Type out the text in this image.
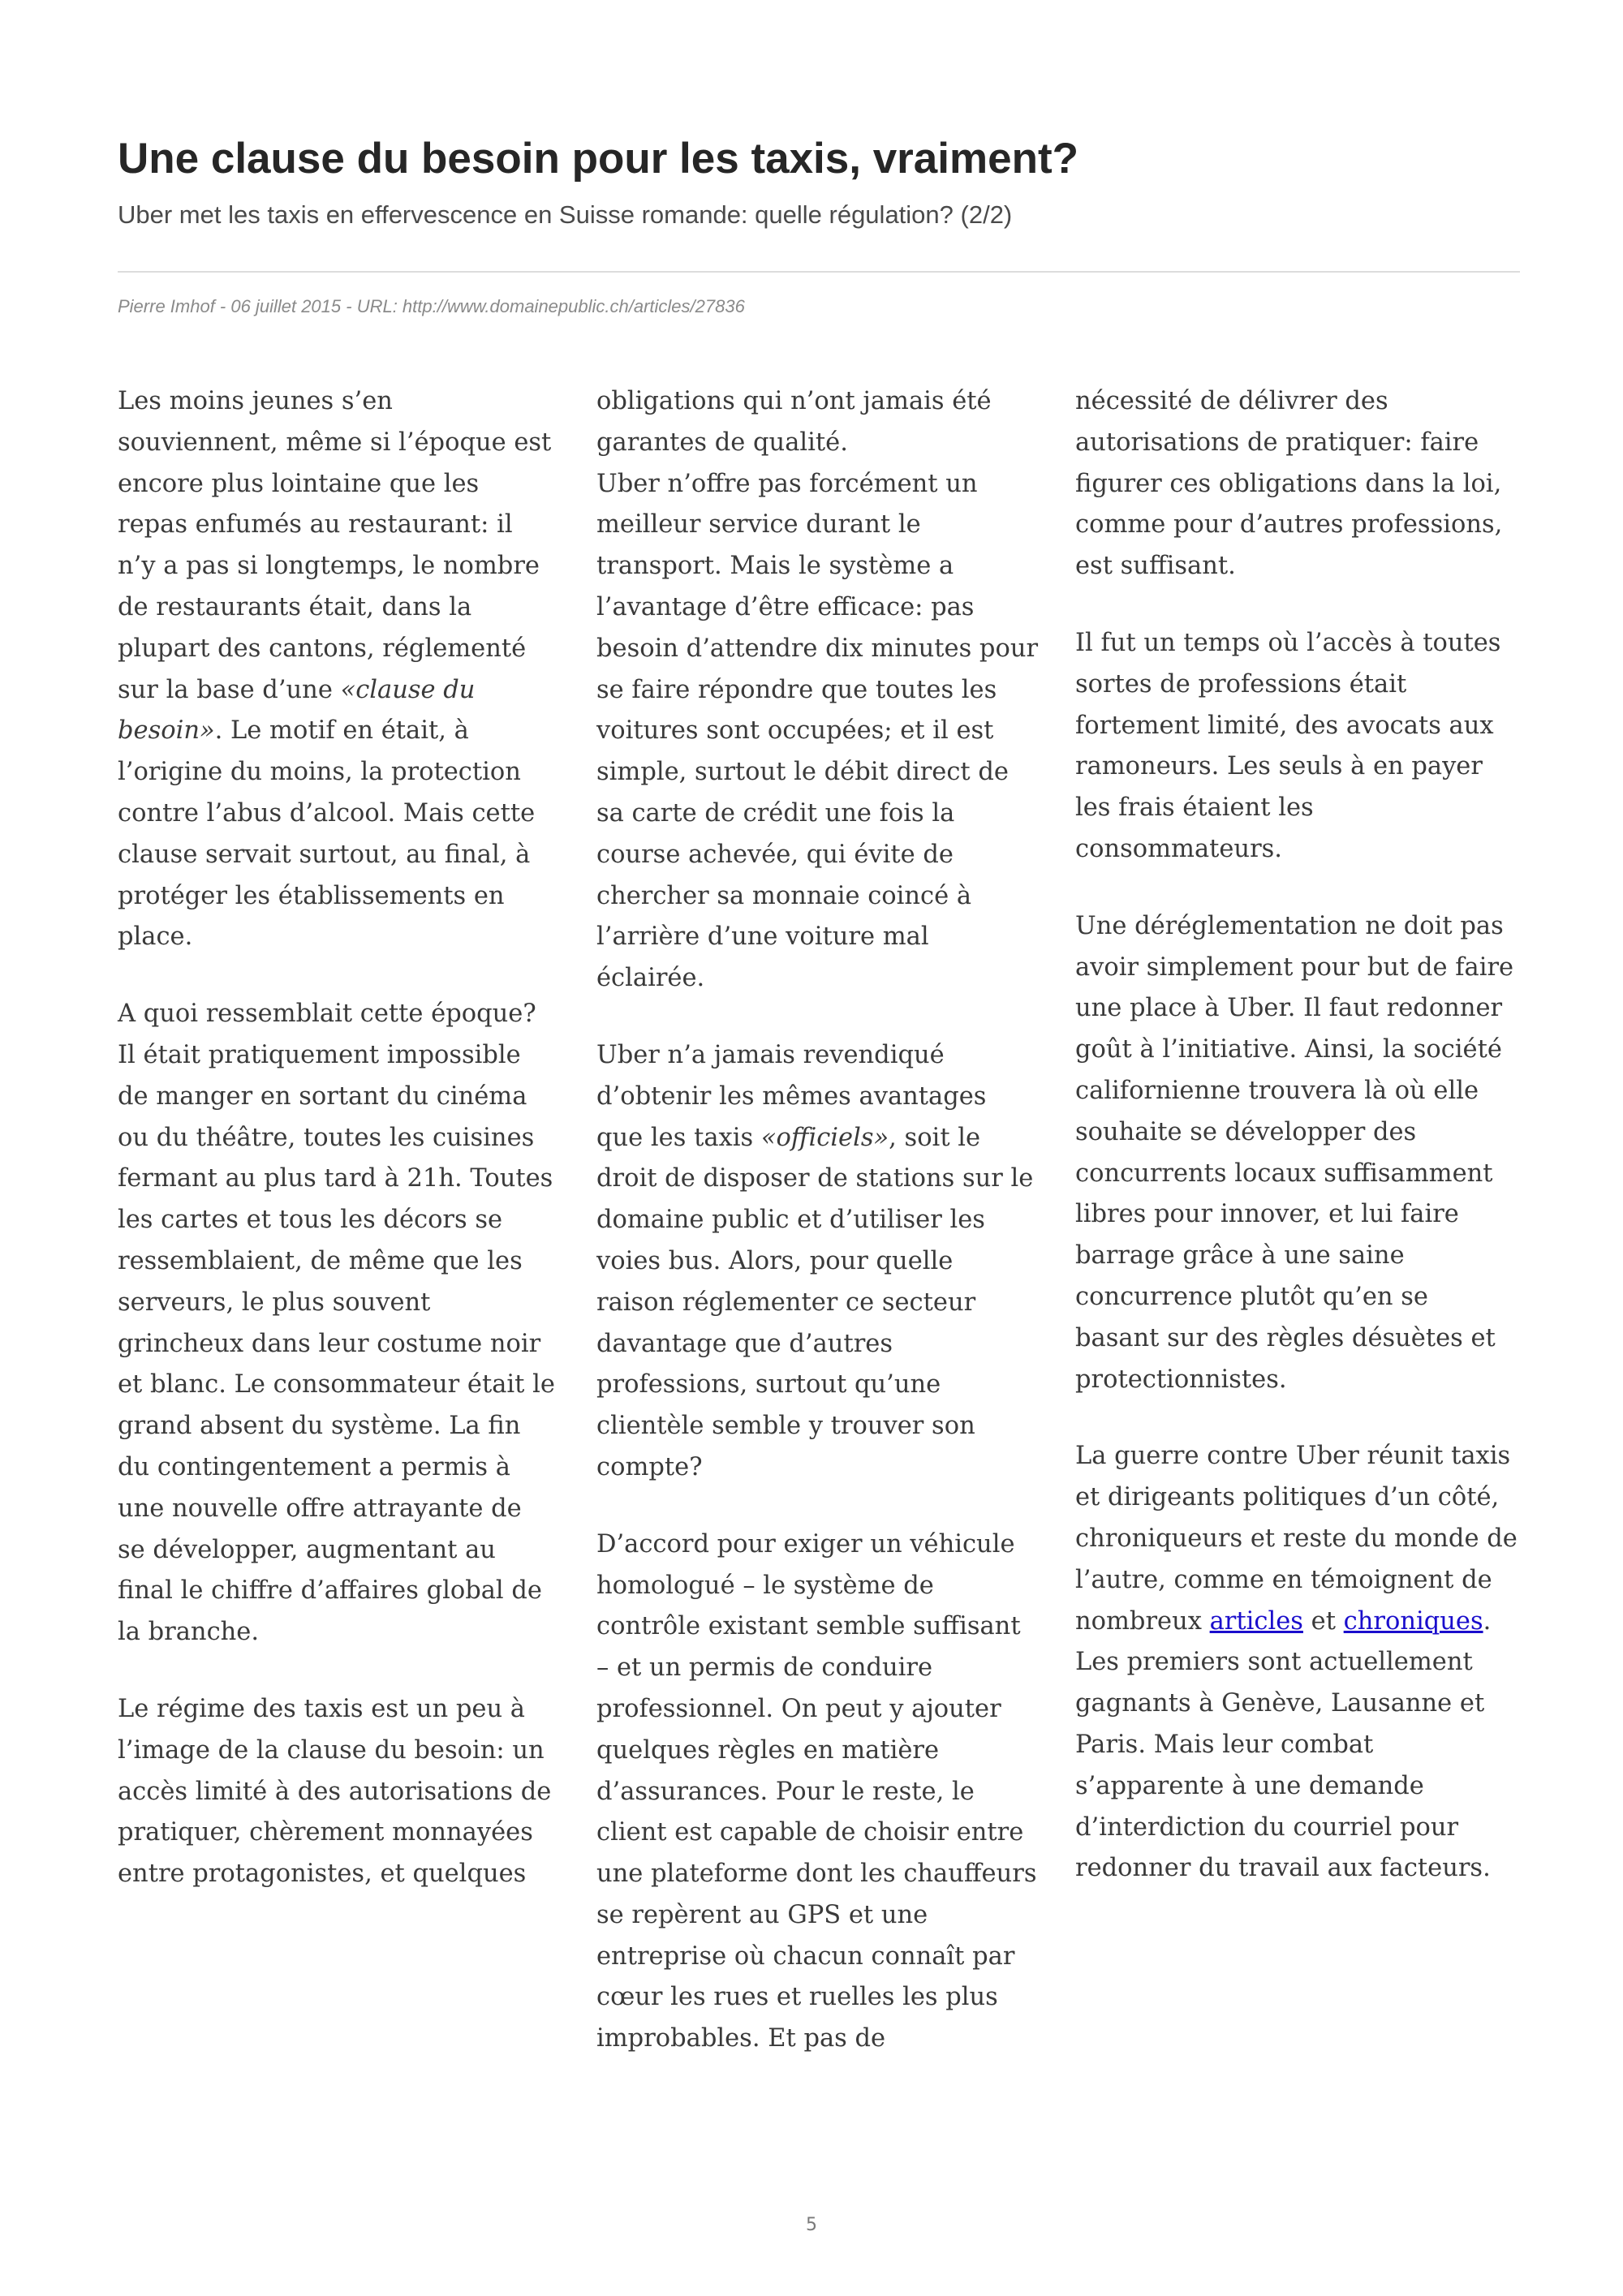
Une clause du besoin pour les taxis, vraiment?
Uber met les taxis en effervescence en Suisse romande: quelle régulation? (2/2)
Pierre Imhof - 06 juillet 2015 - URL: http://www.domainepublic.ch/articles/27836

Les moins jeunes s’en souviennent, même si l’époque est encore plus lointaine que les repas enfumés au restaurant: il n’y a pas si longtemps, le nombre de restaurants était, dans la plupart des cantons, réglementé sur la base d’une «clause du besoin». Le motif en était, à l’origine du moins, la protection contre l’abus d’alcool. Mais cette clause servait surtout, au final, à protéger les établissements en place.

A quoi ressemblait cette époque? Il était pratiquement impossible de manger en sortant du cinéma ou du théâtre, toutes les cuisines fermant au plus tard à 21h. Toutes les cartes et tous les décors se ressemblaient, de même que les serveurs, le plus souvent grincheux dans leur costume noir et blanc. Le consommateur était le grand absent du système. La fin du contingentement a permis à une nouvelle offre attrayante de se développer, augmentant au final le chiffre d’affaires global de la branche.

Le régime des taxis est un peu à l’image de la clause du besoin: un accès limité à des autorisations de pratiquer, chèrement monnayées entre protagonistes, et quelques

obligations qui n’ont jamais été garantes de qualité.

Uber n’offre pas forcément un meilleur service durant le transport. Mais le système a l’avantage d’être efficace: pas besoin d’attendre dix minutes pour se faire répondre que toutes les voitures sont occupées; et il est simple, surtout le débit direct de sa carte de crédit une fois la course achevée, qui évite de chercher sa monnaie coincé à l’arrière d’une voiture mal éclairée.

Uber n’a jamais revendiqué d’obtenir les mêmes avantages que les taxis «officiels», soit le droit de disposer de stations sur le domaine public et d’utiliser les voies bus. Alors, pour quelle raison réglementer ce secteur davantage que d’autres professions, surtout qu’une clientèle semble y trouver son compte?

D’accord pour exiger un véhicule homologué – le système de contrôle existant semble suffisant – et un permis de conduire professionnel. On peut y ajouter quelques règles en matière d’assurances. Pour le reste, le client est capable de choisir entre une plateforme dont les chauffeurs se repèrent au GPS et une entreprise où chacun connaît par cœur les rues et ruelles les plus improbables. Et pas de

nécessité de délivrer des autorisations de pratiquer: faire figurer ces obligations dans la loi, comme pour d’autres professions, est suffisant.

Il fut un temps où l’accès à toutes sortes de professions était fortement limité, des avocats aux ramoneurs. Les seuls à en payer les frais étaient les consommateurs.

Une déréglementation ne doit pas avoir simplement pour but de faire une place à Uber. Il faut redonner goût à l’initiative. Ainsi, la société californienne trouvera là où elle souhaite se développer des concurrents locaux suffisamment libres pour innover, et lui faire barrage grâce à une saine concurrence plutôt qu’en se basant sur des règles désuètes et protectionnistes.

La guerre contre Uber réunit taxis et dirigeants politiques d’un côté, chroniqueurs et reste du monde de l’autre, comme en témoignent de nombreux articles et chroniques. Les premiers sont actuellement gagnants à Genève, Lausanne et Paris. Mais leur combat s’apparente à une demande d’interdiction du courriel pour redonner du travail aux facteurs.

5
